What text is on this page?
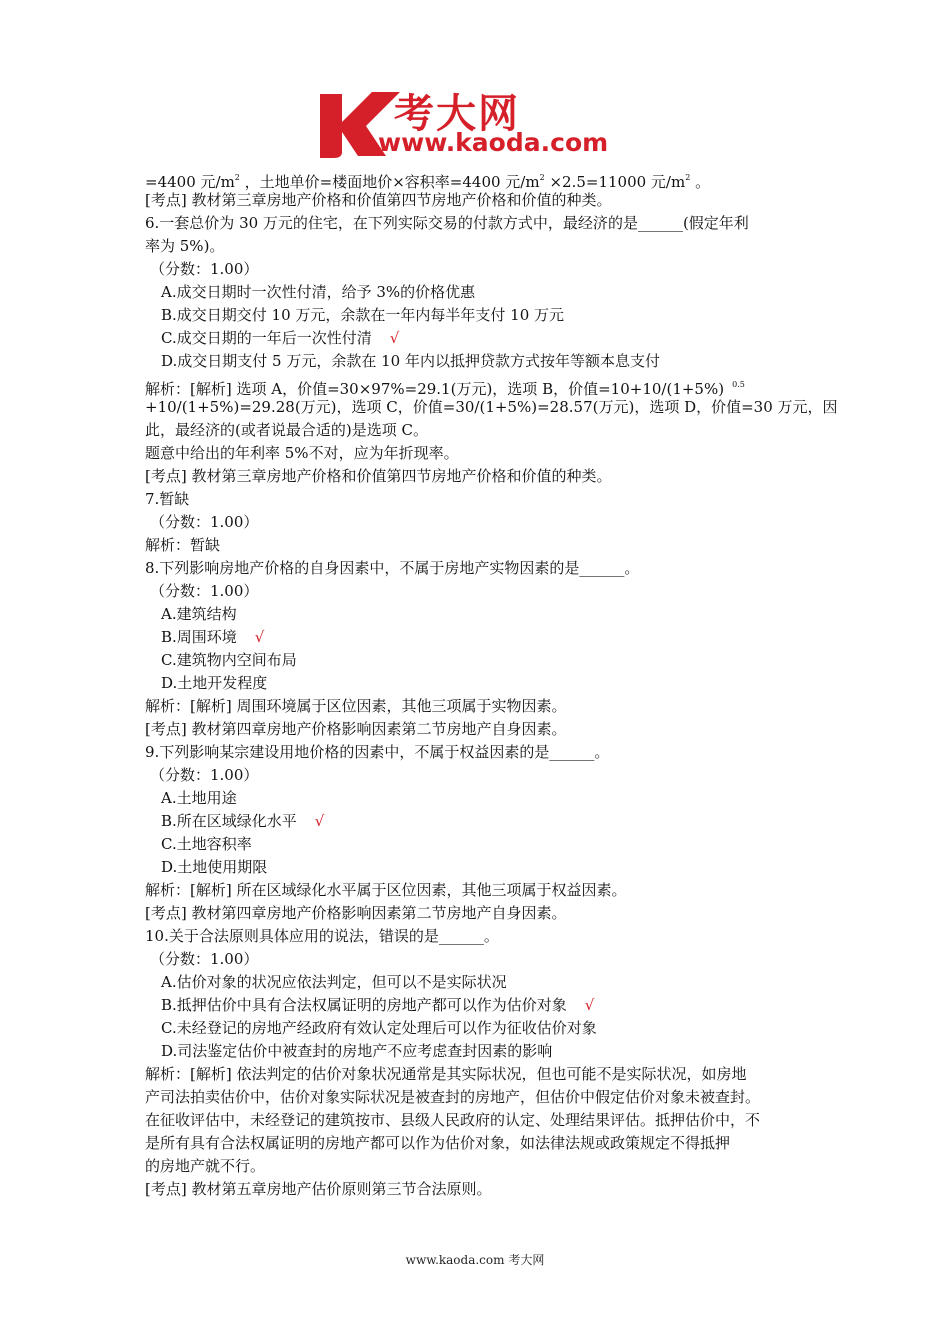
考大网
www.kaoda.com
=4400 元$/m^2$ ，土地单价=楼面地价×容积率=4400 元$/m^2 \times 2.5=11000$ 元$/m^2$ 。
[考点] 教材第三章房地产价格和价值第四节房地产价格和价值的种类。
6.一套总价为 30 万元的住宅，在下列实际交易的付款方式中，最经济的是______(假定年利
率为 5%)。
（分数：1.00）
A.成交日期时一次性付清，给予 3%的价格优惠
B.成交日期交付 10 万元，余款在一年内每半年支付 10 万元
C.成交日期的一年后一次性付清 √
D.成交日期支付 5 万元，余款在 10 年内以抵押贷款方式按年等额本息支付
解析：[解析] 选项 A，价值=30×97%=29.1(万元)，选项 B，价值=10+10/(1+5%) $^{0.5}$
+10/(1+5%)=29.28(万元)，选项 C，价值=30/(1+5%)=28.57(万元)，选项 D，价值=30 万元，因
此，最经济的(或者说最合适的)是选项 C。
题意中给出的年利率 5%不对，应为年折现率。
[考点] 教材第三章房地产价格和价值第四节房地产价格和价值的种类。
7.暂缺
（分数：1.00）
解析：暂缺
8.下列影响房地产价格的自身因素中，不属于房地产实物因素的是______。
（分数：1.00）
A.建筑结构
B.周围环境 √
C.建筑物内空间布局
D.土地开发程度
解析：[解析] 周围环境属于区位因素，其他三项属于实物因素。
[考点] 教材第四章房地产价格影响因素第二节房地产自身因素。
9.下列影响某宗建设用地价格的因素中，不属于权益因素的是______。
（分数：1.00）
A.土地用途
B.所在区域绿化水平 √
C.土地容积率
D.土地使用期限
解析：[解析] 所在区域绿化水平属于区位因素，其他三项属于权益因素。
[考点] 教材第四章房地产价格影响因素第二节房地产自身因素。
10.关于合法原则具体应用的说法，错误的是______。
（分数：1.00）
A.估价对象的状况应依法判定，但可以不是实际状况
B.抵押估价中具有合法权属证明的房地产都可以作为估价对象 √
C.未经登记的房地产经政府有效认定处理后可以作为征收估价对象
D.司法鉴定估价中被查封的房地产不应考虑查封因素的影响
解析：[解析] 依法判定的估价对象状况通常是其实际状况，但也可能不是实际状况，如房地
产司法拍卖估价中，估价对象实际状况是被查封的房地产，但估价中假定估价对象未被查封。
在征收评估中，未经登记的建筑按市、县级人民政府的认定、处理结果评估。抵押估价中，不
是所有具有合法权属证明的房地产都可以作为估价对象，如法律法规或政策规定不得抵押
的房地产就不行。
[考点] 教材第五章房地产估价原则第三节合法原则。
www.kaoda.com 考大网
